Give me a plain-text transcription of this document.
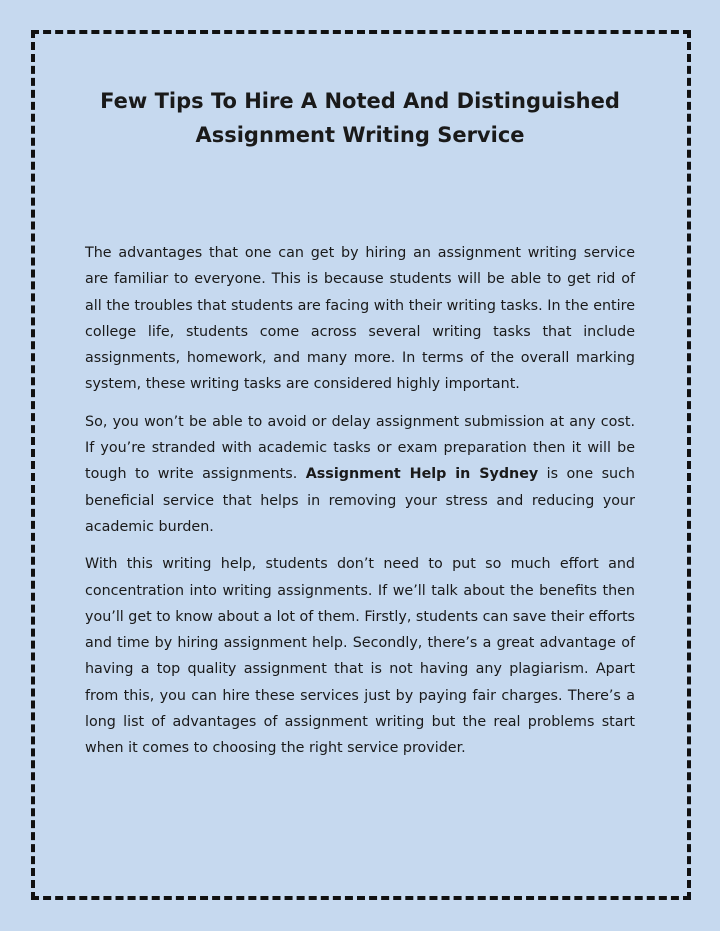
Few Tips To Hire A Noted And Distinguished Assignment Writing Service

The advantages that one can get by hiring an assignment writing service are familiar to everyone. This is because students will be able to get rid of all the troubles that students are facing with their writing tasks. In the entire college life, students come across several writing tasks that include assignments, homework, and many more. In terms of the overall marking system, these writing tasks are considered highly important.

So, you won’t be able to avoid or delay assignment submission at any cost. If you’re stranded with academic tasks or exam preparation then it will be tough to write assignments. Assignment Help in Sydney is one such beneficial service that helps in removing your stress and reducing your academic burden.

With this writing help, students don’t need to put so much effort and concentration into writing assignments. If we’ll talk about the benefits then you’ll get to know about a lot of them. Firstly, students can save their efforts and time by hiring assignment help. Secondly, there’s a great advantage of having a top quality assignment that is not having any plagiarism. Apart from this, you can hire these services just by paying fair charges. There’s a long list of advantages of assignment writing but the real problems start when it comes to choosing the right service provider.
